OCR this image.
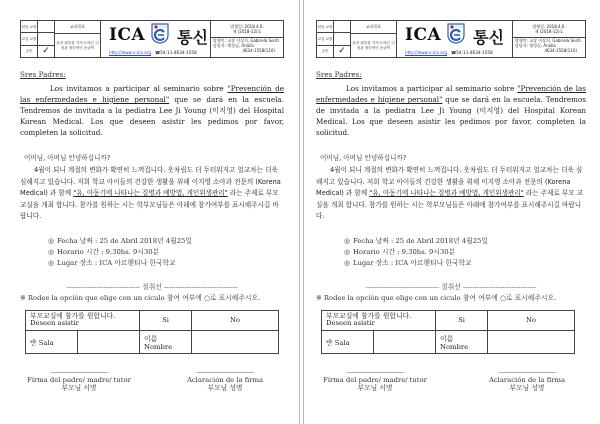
담임 교장
교감 교장
공문	✓
교육목표
꿈과 희망을 가지고 바른 인성과 창의적인 어린이
ICA 통신
http://www.s-ica.org ☎54-11-4634-1558
발행일: 2018.4.6.
제 (2018-12)호
발행인: 교장 이상희, Gabriela Soriti
담당자: 행정실, Analia
4634-1558(110)
Sres Padres:

Los invitamos a participar al seminario sobre "Prevención de las enfermedades e higiene personal" que se dará en la escuela. Tendremos de invitada a la pediatra Lee Ji Young (이지영) del Hospital Korean Medical. Los que deseen asistir les pedimos por favor, completen la solicitud.

어머님, 아버님 안녕하십니까?

4월이 되니 계절의 변화가 확연히 느껴집니다. 옷차림도 더 두터워지고 일교차는 더욱 심해지고 있습니다. 저희 학교 아이들의 건강한 생활을 위해 이지영 소아과 전문의 (Korena Medical) 과 함께 "유, 아동기에 나타나는 질병과 예방법, 개인위생관리" 라는 주제로 부모 교실을 개최 합니다. 참가를 원하는 시는 학부모님들은 아래에 참가여부를 표시해주시길 바랍니다.

◎ Fecha 날짜 : 25 de Abril 2018년 4월25일
◎ Horario 시간 : 9.30hs. 9시30분
◎ Lugar 장소 : ICA 아르헨티나 한국학교
-------------------------------- 절취선 --------------------------------
※ Rodee la opción que elige con un ciculo 참여 여부에 ○로 표시해주시오.
부모교실에 참가를 원합니다.
Deseen asistir		Si	No
반 Sala		이름 Nombre	
--------------------------------
Firma del padre/ madre/ tutor
부모님 서명
--------------------------------
Aclaración de la firma
부모님 성명
담임 교장
교감 교장
공문	✓
교육목표
꿈과 희망을 가지고 바른 인성과 창의적인 어린이
ICA 통신
http://www.s-ica.org ☎54-11-4634-1558
발행일: 2018.4.6.
제 (2018-12)호
발행인: 교장 이상희, Gabriela Soriti
담당자: 행정실, Analia
4634-1558(110)
Sres Padres:

Los invitamos a participar al seminario sobre "Prevención de las enfermedades e higiene personal" que se dará en la escuela. Tendremos de invitada a la pediatra Lee Ji Young (이지영) del Hospital Korean Medical. Los que deseen asistir les pedimos por favor, completen la solicitud.

어머님, 아버님 안녕하십니까?

4월이 되니 계절의 변화가 확연히 느껴집니다. 옷차림도 더 두터워지고 일교차는 더욱 심해지고 있습니다. 저희 학교 아이들의 건강한 생활을 위해 이지영 소아과 전문의 (Korena Medical) 과 함께 "유, 아동기에 나타나는 질병과 예방법, 개인위생관리" 라는 주제로 부모 교실을 개최 합니다. 참가를 원하는 시는 학부모님들은 아래에 참가여부를 표시해주시길 바랍니다.

◎ Fecha 날짜 : 25 de Abril 2018년 4월25일
◎ Horario 시간 : 9.30hs. 9시30분
◎ Lugar 장소 : ICA 아르헨티나 한국학교
-------------------------------- 절취선 --------------------------------
※ Rodee la opción que elige con un ciculo 참여 여부에 ○로 표시해주시오.
부모교실에 참가를 원합니다.
Deseen asistir		Si	No
반 Sala		이름 Nombre	
--------------------------------
Firma del padre/ madre/ tutor
부모님 서명
--------------------------------
Aclaración de la firma
부모님 성명
